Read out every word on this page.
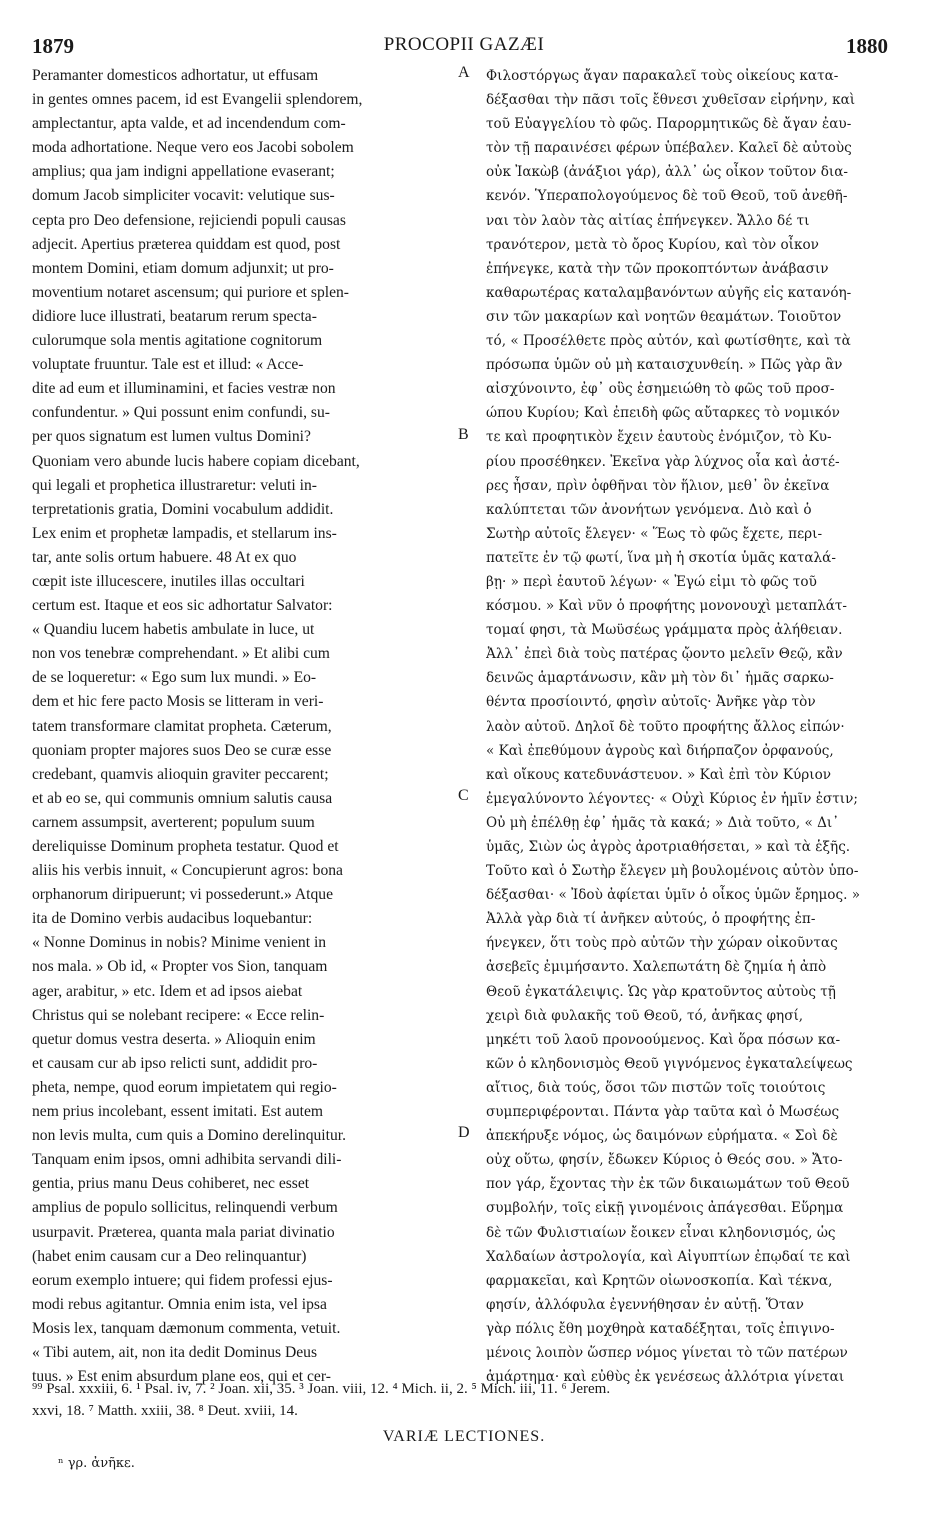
1879	PROCOPII GAZÆI	1880
Peramanter domesticos adhortatur, ut effusam
in gentes omnes pacem, id est Evangelii splendorem,
amplectantur, apta valde, et ad incendendum com-
moda adhortatione. Neque vero eos Jacobi sobolem
amplius; qua jam indigni appellatione evaserant;
domum Jacob simpliciter vocavit: velutique sus-
cepta pro Deo defensione, rejiciendi populi causas
adjecit. Apertius præterea quiddam est quod, post
montem Domini, etiam domum adjunxit; ut pro-
moventium notaret ascensum; qui puriore et splen-
didiore luce illustrati, beatarum rerum specta-
culorumque sola mentis agitatione cognitorum
voluptate fruuntur. Tale est et illud: « Acce-
dite ad eum et illuminamini, et facies vestræ non
confundentur. » Qui possunt enim confundi, su-
per quos signatum est lumen vultus Domini?
Quoniam vero abunde lucis habere copiam dicebant,
qui legali et prophetica illustraretur: veluti in-
terpretationis gratia, Domini vocabulum addidit.
Lex enim et prophetæ lampadis, et stellarum ins-
tar, ante solis ortum habuere. 48 At ex quo
cœpit iste illucescere, inutiles illas occultari
certum est. Itaque et eos sic adhortatur Salvator:
« Quandiu lucem habetis ambulate in luce, ut
non vos tenebræ comprehendant. » Et alibi cum
de se loqueretur: « Ego sum lux mundi. » Eo-
dem et hic fere pacto Mosis se litteram in veri-
tatem transformare clamitat propheta. Cæterum,
quoniam propter majores suos Deo se curæ esse
credebant, quamvis alioquin graviter peccarent;
et ab eo se, qui communis omnium salutis causa
carnem assumpsit, averterent; populum suum
dereliquisse Dominum propheta testatur. Quod et
aliis his verbis innuit, « Concupierunt agros: bona
orphanorum diripuerunt; vi possederunt.» Atque
ita de Domino verbis audacibus loquebantur:
« Nonne Dominus in nobis? Minime venient in
nos mala. » Ob id, « Propter vos Sion, tanquam
ager, arabitur, » etc. Idem et ad ipsos aiebat
Christus qui se nolebant recipere: « Ecce relin-
quetur domus vestra deserta. » Alioquin enim
et causam cur ab ipso relicti sunt, addidit pro-
pheta, nempe, quod eorum impietatem qui regio-
nem prius incolebant, essent imitati. Est autem
non levis multa, cum quis a Domino derelinquitur.
Tanquam enim ipsos, omni adhibita servandi dili-
gentia, prius manu Deus cohiberet, nec esset
amplius de populo sollicitus, relinquendi verbum
usurpavit. Præterea, quanta mala pariat divinatio
(habet enim causam cur a Deo relinquantur)
eorum exemplo intuere; qui fidem professi ejus-
modi rebus agitantur. Omnia enim ista, vel ipsa
Mosis lex, tanquam dæmonum commenta, vetuit.
« Tibi autem, ait, non ita dedit Dominus Deus
tuus. » Est enim absurdum plane eos, qui et cer-
A
B
C
D
Φιλοστόργως ἄγαν παρακαλεῖ τοὺς οἰκείους κατα-
δέξασθαι τὴν πᾶσι τοῖς ἔθνεσι χυθεῖσαν εἰρήνην, καὶ
τοῦ Εὐαγγελίου τὸ φῶς. Παρορμητικῶς δὲ ἄγαν ἐαυ-
τὸν τῇ παραινέσει φέρων ὑπέβαλεν. Καλεῖ δὲ αὐτοὺς
οὐκ Ἰακὼβ (ἀνάξιοι γάρ), ἀλλ᾽ ὡς οἶκον τοῦτον δια-
κενόν. Ὑπεραπολογούμενος δὲ τοῦ Θεοῦ, τοῦ ἀνεθῆ-
ναι τὸν λαὸν τὰς αἰτίας ἐπήνεγκεν. Ἄλλο δέ τι
τρανότερον, μετὰ τὸ ὄρος Κυρίου, καὶ τὸν οἶκον
ἐπήνεγκε, κατὰ τὴν τῶν προκοπτόντων ἀνάβασιν
καθαρωτέρας καταλαμβανόντων αὐγῆς εἰς κατανόη-
σιν τῶν μακαρίων καὶ νοητῶν θεαμάτων. Τοιοῦτον
τό, « Προσέλθετε πρὸς αὐτόν, καὶ φωτίσθητε, καὶ τὰ
πρόσωπα ὑμῶν οὐ μὴ καταισχυνθείη. » Πῶς γὰρ ἂν
αἰσχύνοιντο, ἐφ᾽ οὓς ἐσημειώθη τὸ φῶς τοῦ προσ-
ώπου Κυρίου; Καὶ ἐπειδὴ φῶς αὔταρκες τὸ νομικόν
τε καὶ προφητικὸν ἔχειν ἑαυτοὺς ἐνόμιζον, τὸ Κυ-
ρίου προσέθηκεν. Ἐκεῖνα γὰρ λύχνος οἷα καὶ ἀστέ-
ρες ἦσαν, πρὶν ὀφθῆναι τὸν ἥλιον, μεθ᾽ ὃν ἐκεῖνα
καλύπτεται τῶν ἀνονήτων γενόμενα. Διὸ καὶ ὁ
Σωτὴρ αὐτοῖς ἔλεγεν· « Ἕως τὸ φῶς ἔχετε, περι-
πατεῖτε ἐν τῷ φωτί, ἵνα μὴ ἡ σκοτία ὑμᾶς καταλά-
βῃ· » περὶ ἑαυτοῦ λέγων· « Ἐγώ εἰμι τὸ φῶς τοῦ
κόσμου. » Καὶ νῦν ὁ προφήτης μονονουχὶ μεταπλάτ-
τομαί φησι, τὰ Μωϋσέως γράμματα πρὸς ἀλήθειαν.
Ἀλλ᾽ ἐπεὶ διὰ τοὺς πατέρας ᾤοντο μελεῖν Θεῷ, κἂν
δεινῶς ἁμαρτάνωσιν, κἂν μὴ τὸν δι᾽ ἡμᾶς σαρκω-
θέντα προσίοιντό, φησὶν αὐτοῖς· Ἀνῆκε γὰρ τὸν
λαὸν αὐτοῦ. Δηλοῖ δὲ τοῦτο προφήτης ἄλλος εἰπών·
« Καὶ ἐπεθύμουν ἀγροὺς καὶ διήρπαζον ὀρφανούς,
καὶ οἴκους κατεδυνάστευον. » Καὶ ἐπὶ τὸν Κύριον
ἐμεγαλύνοντο λέγοντες· « Οὐχὶ Κύριος ἐν ἡμῖν ἐστιν;
Οὐ μὴ ἐπέλθῃ ἐφ᾽ ἡμᾶς τὰ κακά; » Διὰ τοῦτο, « Δι᾽
ὑμᾶς, Σιὼν ὡς ἀγρὸς ἀροτριαθήσεται, » καὶ τὰ ἑξῆς.
Τοῦτο καὶ ὁ Σωτὴρ ἔλεγεν μὴ βουλομένοις αὐτὸν ὑπο-
δέξασθαι· « Ἰδοὺ ἀφίεται ὑμῖν ὁ οἶκος ὑμῶν ἔρημος. »
Ἀλλὰ γὰρ διὰ τί ἀνῆκεν αὐτούς, ὁ προφήτης ἐπ-
ήνεγκεν, ὅτι τοὺς πρὸ αὐτῶν τὴν χώραν οἰκοῦντας
ἀσεβεῖς ἐμιμήσαντο. Χαλεπωτάτη δὲ ζημία ἡ ἀπὸ
Θεοῦ ἐγκατάλειψις. Ὡς γὰρ κρατοῦντος αὐτοὺς τῇ
χειρὶ διὰ φυλακῆς τοῦ Θεοῦ, τό, ἀνῆκας φησί,
μηκέτι τοῦ λαοῦ προνοούμενος. Καὶ ὅρα πόσων κα-
κῶν ὁ κληδονισμὸς Θεοῦ γιγνόμενος ἐγκαταλείψεως
αἴτιος, διὰ τούς, ὅσοι τῶν πιστῶν τοῖς τοιούτοις
συμπεριφέρονται. Πάντα γὰρ ταῦτα καὶ ὁ Μωσέως
ἀπεκήρυξε νόμος, ὡς δαιμόνων εὑρήματα. « Σοὶ δὲ
οὐχ οὕτω, φησίν, ἔδωκεν Κύριος ὁ Θεός σου. » Ἄτο-
πον γάρ, ἔχοντας τὴν ἐκ τῶν δικαιωμάτων τοῦ Θεοῦ
συμβολήν, τοῖς εἰκῇ γινομένοις ἀπάγεσθαι. Εὕρημα
δὲ τῶν Φυλιστιαίων ἔοικεν εἶναι κληδονισμός, ὡς
Χαλδαίων ἀστρολογία, καὶ Αἰγυπτίων ἐπῳδαί τε καὶ
φαρμακεῖαι, καὶ Κρητῶν οἰωνοσκοπία. Καὶ τέκνα,
φησίν, ἀλλόφυλα ἐγεννήθησαν ἐν αὐτῇ. Ὅταν
γὰρ πόλις ἔθη μοχθηρὰ καταδέξηται, τοῖς ἐπιγινο-
μένοις λοιπὸν ὥσπερ νόμος γίνεται τὸ τῶν πατέρων
ἁμάρτημα· καὶ εὐθὺς ἐκ γενέσεως ἀλλότρια γίνεται
⁹⁹ Psal. xxxiii, 6. ¹ Psal. iv, 7. ² Joan. xii, 35. ³ Joan. viii, 12. ⁴ Mich. ii, 2. ⁵ Mich. iii, 11. ⁶ Jerem.
xxvi, 18. ⁷ Matth. xxiii, 38. ⁸ Deut. xviii, 14.
VARIÆ LECTIONES.
ⁿ γρ. ἀνῆκε.
